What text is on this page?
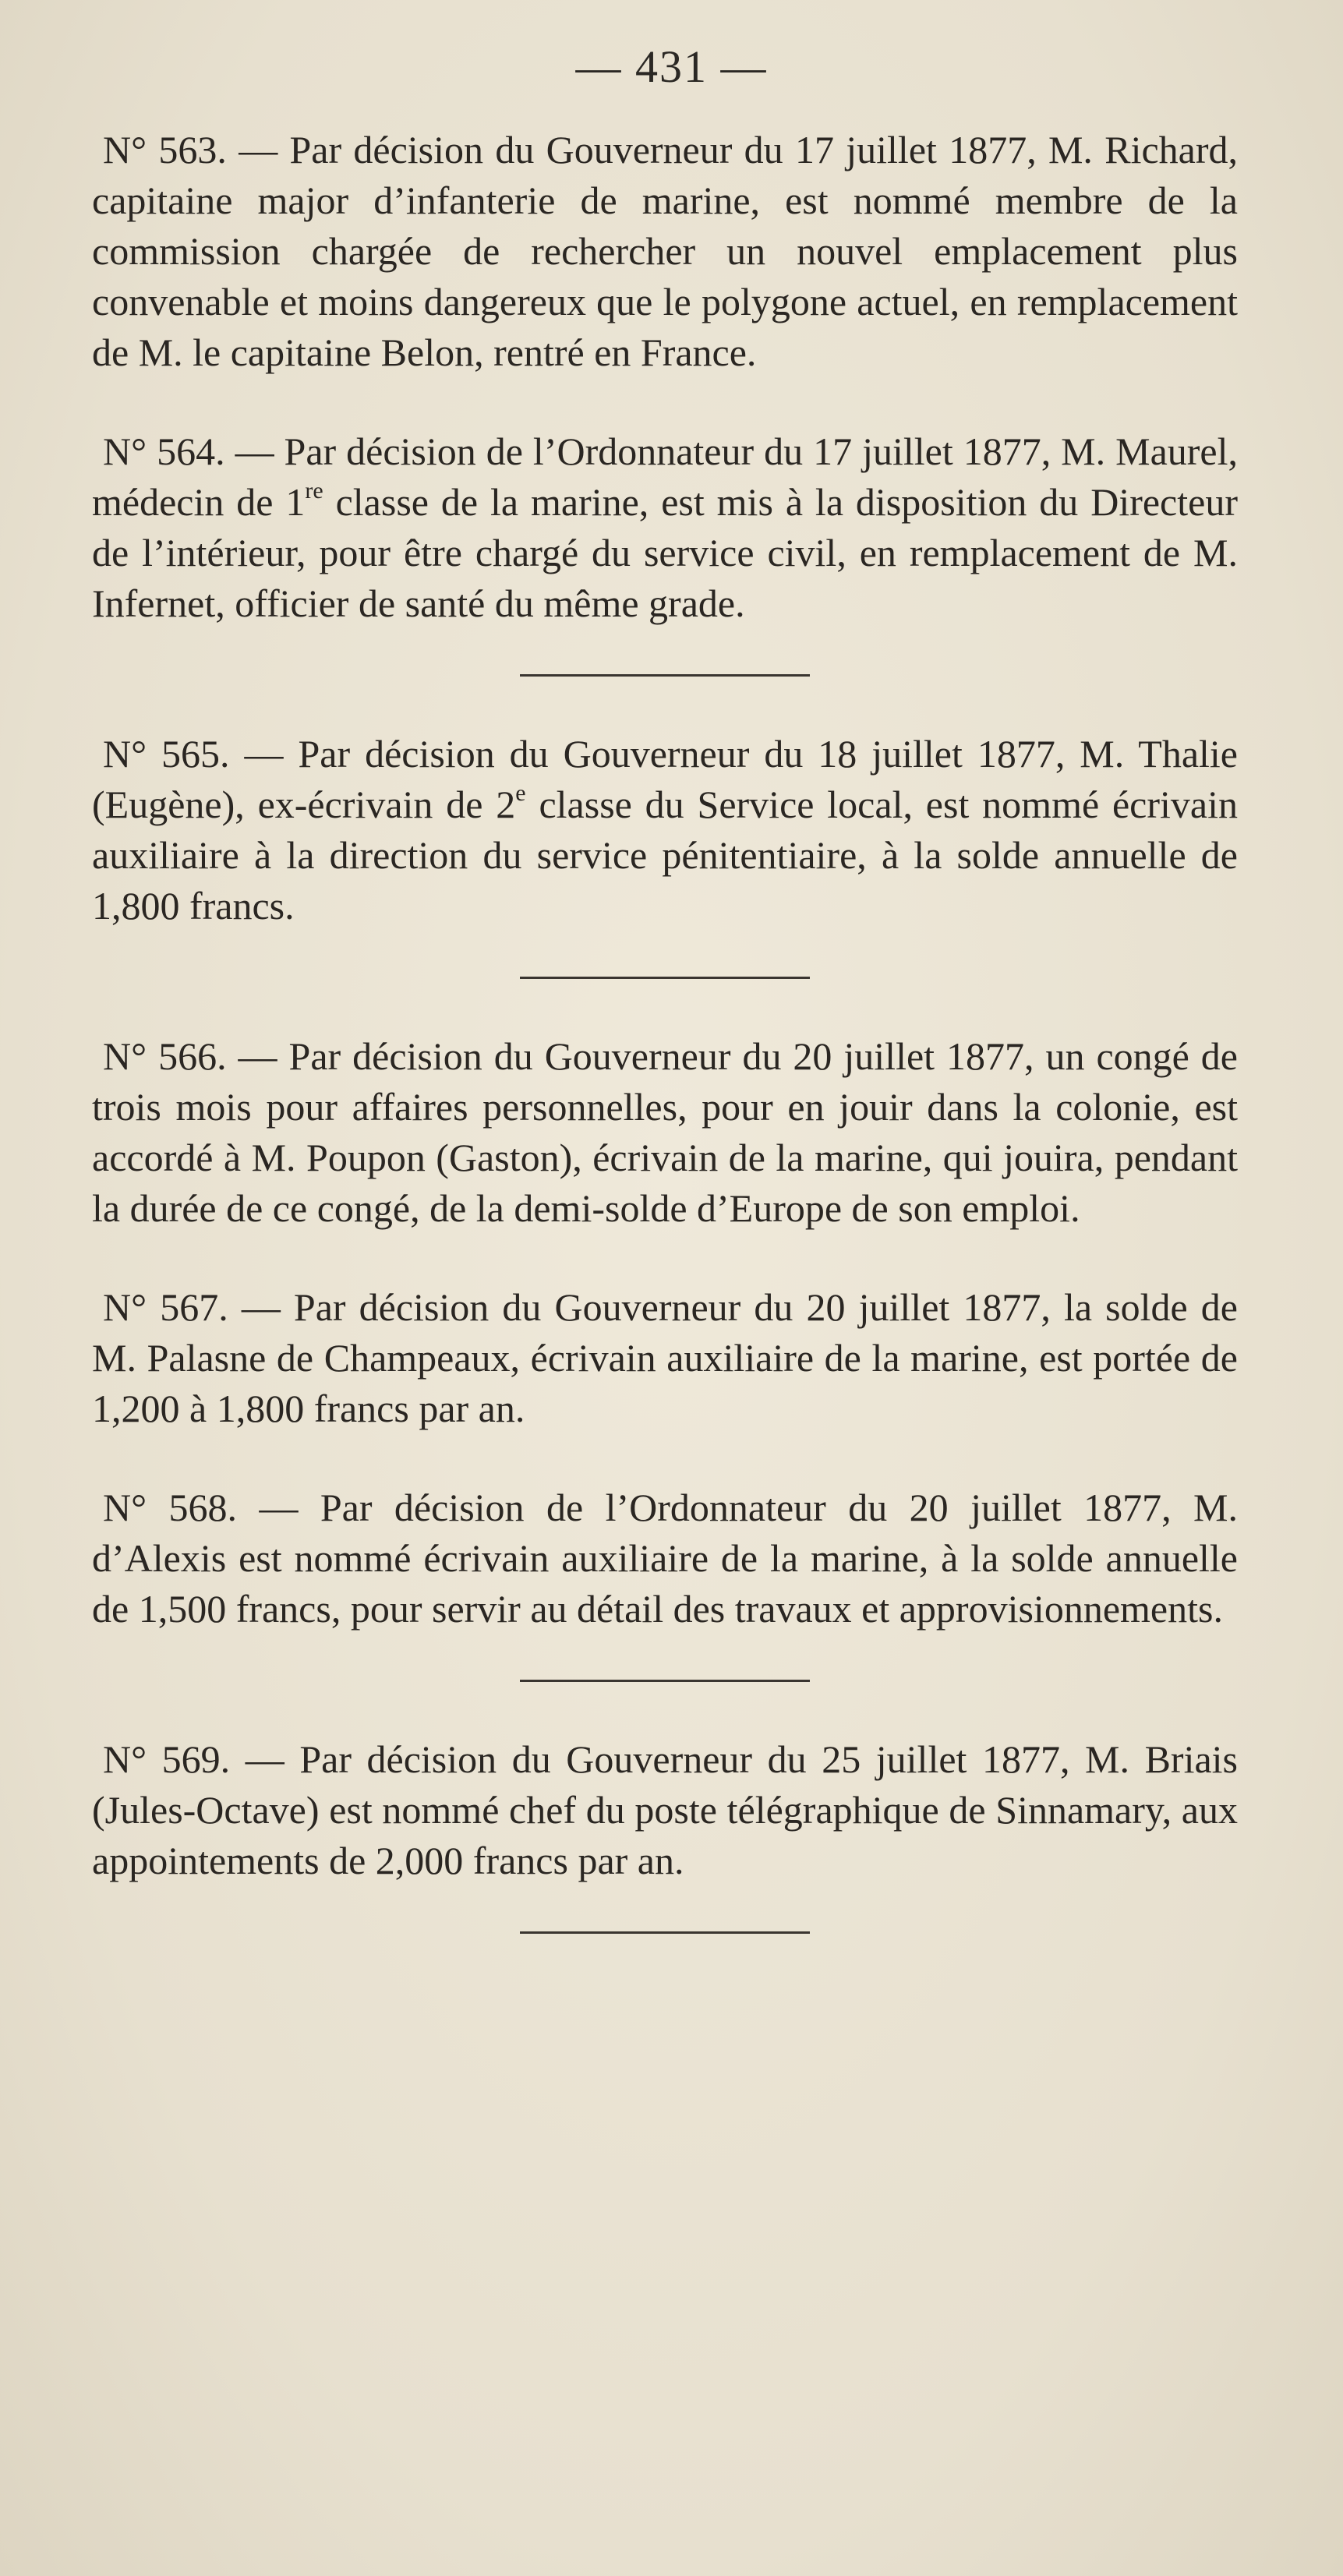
— 431 —

N° 563. — Par décision du Gouverneur du 17 juillet 1877, M. Richard, capitaine major d’infanterie de marine, est nommé membre de la commission chargée de rechercher un nouvel emplacement plus convenable et moins dangereux que le polygone actuel, en remplacement de M. le capitaine Belon, rentré en France.

N° 564. — Par décision de l’Ordonnateur du 17 juillet 1877, M. Maurel, médecin de 1re classe de la marine, est mis à la disposition du Directeur de l’intérieur, pour être chargé du service civil, en remplacement de M. Infernet, officier de santé du même grade.

N° 565. — Par décision du Gouverneur du 18 juillet 1877, M. Thalie (Eugène), ex-écrivain de 2e classe du Service local, est nommé écrivain auxiliaire à la direction du service pénitentiaire, à la solde annuelle de 1,800 francs.

N° 566. — Par décision du Gouverneur du 20 juillet 1877, un congé de trois mois pour affaires personnelles, pour en jouir dans la colonie, est accordé à M. Poupon (Gaston), écrivain de la marine, qui jouira, pendant la durée de ce congé, de la demi-solde d’Europe de son emploi.

N° 567. — Par décision du Gouverneur du 20 juillet 1877, la solde de M. Palasne de Champeaux, écrivain auxiliaire de la marine, est portée de 1,200 à 1,800 francs par an.

N° 568. — Par décision de l’Ordonnateur du 20 juillet 1877, M. d’Alexis est nommé écrivain auxiliaire de la marine, à la solde annuelle de 1,500 francs, pour servir au détail des travaux et approvisionnements.

N° 569. — Par décision du Gouverneur du 25 juillet 1877, M. Briais (Jules-Octave) est nommé chef du poste télégraphique de Sinnamary, aux appointements de 2,000 francs par an.
